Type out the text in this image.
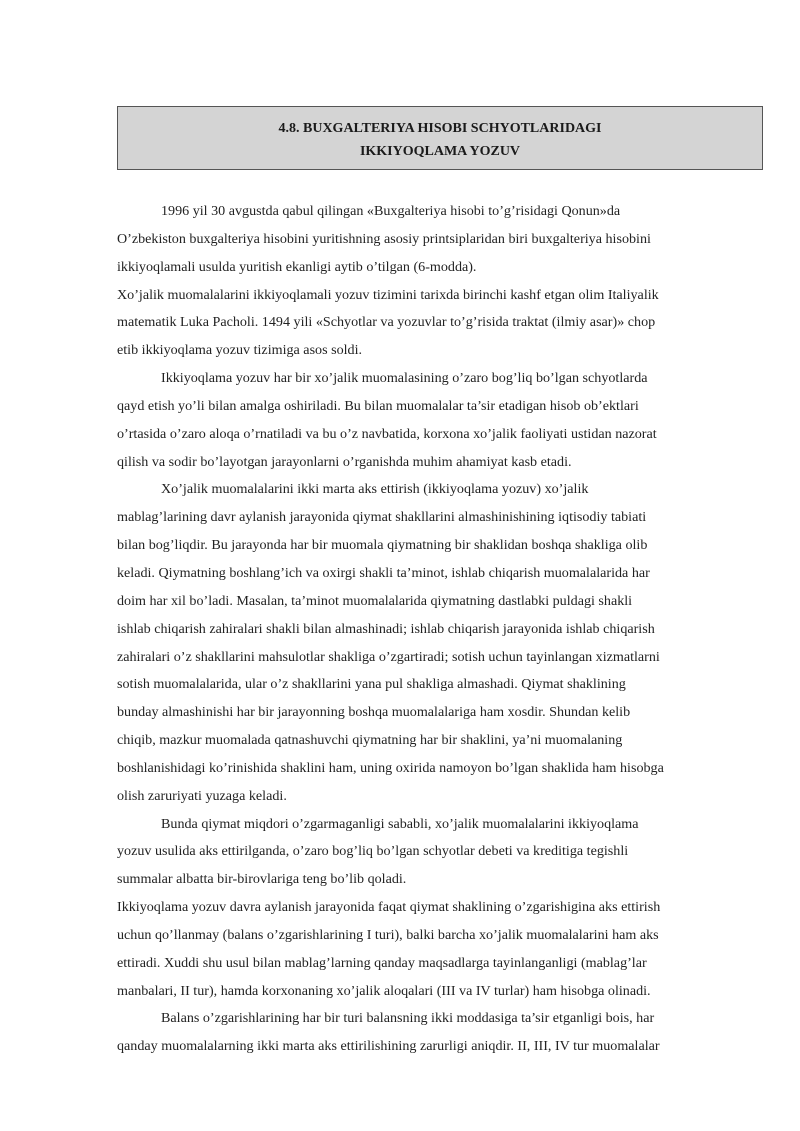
4.8. BUXGALTERIYA HISOBI SCHYOTLARIDAGI
IKKIYOQLAMA YOZUV
1996 yil 30 avgustda qabul qilingan «Buxgalteriya hisobi to’g’risidagi Qonun»da
O’zbekiston buxgalteriya hisobini yuritishning asosiy printsiplaridan biri buxgalteriya hisobini
ikkiyoqlamali usulda yuritish ekanligi aytib o’tilgan (6-modda).
Xo’jalik muomalalarini ikkiyoqlamali yozuv tizimini tarixda birinchi kashf etgan olim Italiyalik
matematik Luka Pacholi. 1494 yili «Schyotlar va yozuvlar to’g’risida traktat (ilmiy asar)» chop
etib ikkiyoqlama yozuv tizimiga asos soldi.
Ikkiyoqlama yozuv har bir xo’jalik muomalasining o’zaro bog’liq bo’lgan schyotlarda
qayd etish yo’li bilan amalga oshiriladi. Bu bilan muomalalar ta’sir etadigan hisob ob’ektlari
o’rtasida o’zaro aloqa o’rnatiladi va bu o’z navbatida, korxona xo’jalik faoliyati ustidan nazorat
qilish va sodir bo’layotgan jarayonlarni o’rganishda muhim ahamiyat kasb etadi.
Xo’jalik muomalalarini ikki marta aks ettirish (ikkiyoqlama yozuv) xo’jalik
mablag’larining davr aylanish jarayonida qiymat shakllarini almashinishining iqtisodiy tabiati
bilan bog’liqdir. Bu jarayonda har bir muomala qiymatning bir shaklidan boshqa shakliga olib
keladi. Qiymatning boshlang’ich va oxirgi shakli ta’minot, ishlab chiqarish muomalalarida har
doim har xil bo’ladi. Masalan, ta’minot muomalalarida qiymatning dastlabki puldagi shakli
ishlab chiqarish zahiralari shakli bilan almashinadi; ishlab chiqarish jarayonida ishlab chiqarish
zahiralari o’z shakllarini mahsulotlar shakliga o’zgartiradi; sotish uchun tayinlangan xizmatlarni
sotish muomalalarida, ular o’z shakllarini yana pul shakliga almashadi. Qiymat shaklining
bunday almashinishi har bir jarayonning boshqa muomalalariga ham xosdir. Shundan kelib
chiqib, mazkur muomalada qatnashuvchi qiymatning har bir shaklini, ya’ni muomalaning
boshlanishidagi ko’rinishida shaklini ham, uning oxirida namoyon bo’lgan shaklida ham hisobga
olish zaruriyati yuzaga keladi.
Bunda qiymat miqdori o’zgarmaganligi sababli, xo’jalik muomalalarini ikkiyoqlama
yozuv usulida aks ettirilganda, o’zaro bog’liq bo’lgan schyotlar debeti va kreditiga tegishli
summalar albatta bir-birovlariga teng bo’lib qoladi.
Ikkiyoqlama yozuv davra aylanish jarayonida faqat qiymat shaklining o’zgarishigina aks ettirish
uchun qo’llanmay (balans o’zgarishlarining I turi), balki barcha xo’jalik muomalalarini ham aks
ettiradi. Xuddi shu usul bilan mablag’larning qanday maqsadlarga tayinlanganligi (mablag’lar
manbalari, II tur), hamda korxonaning xo’jalik aloqalari (III va IV turlar) ham hisobga olinadi.
Balans o’zgarishlarining har bir turi balansning ikki moddasiga ta’sir etganligi bois, har
qanday muomalalarning ikki marta aks ettirilishining zarurligi aniqdir. II, III, IV tur muomalalar
